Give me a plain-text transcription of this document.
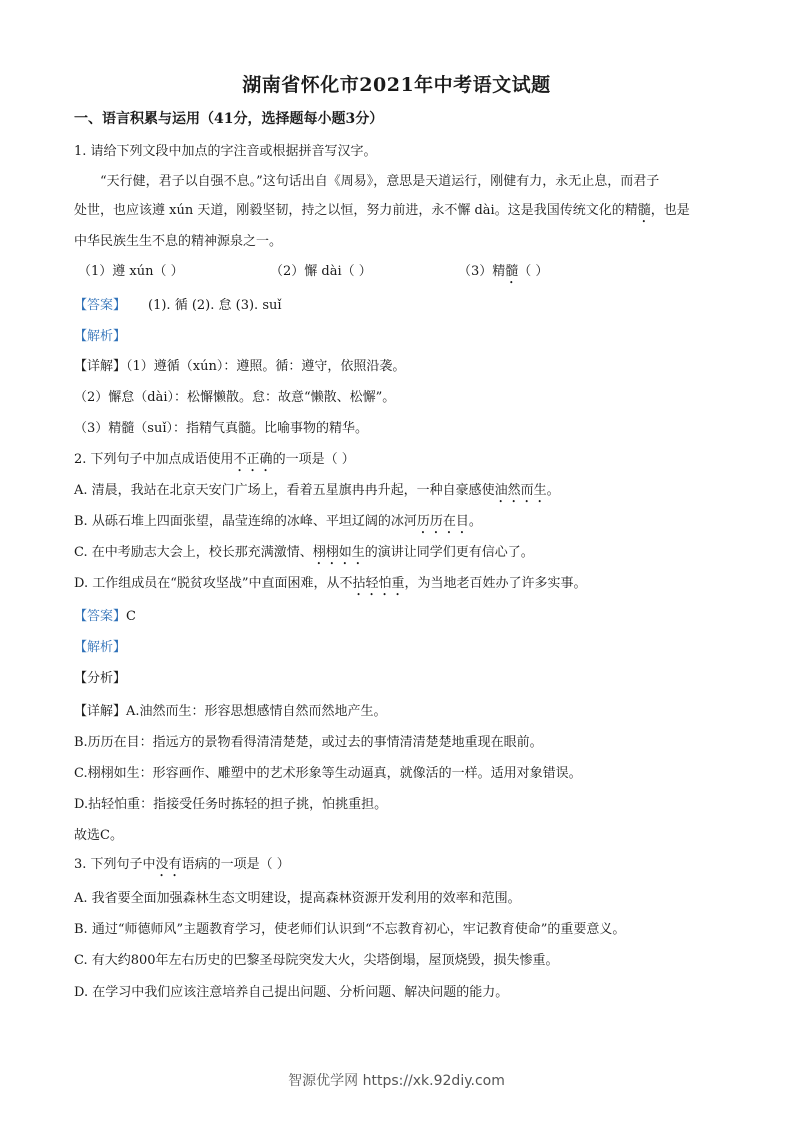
湖南省怀化市2021年中考语文试题
一、语言积累与运用（41分，选择题每小题3分）
1. 请给下列文段中加点的字注音或根据拼音写汉字。
“天行健，君子以自强不息。”这句话出自《周易》，意思是天道运行，刚健有力，永无止息，而君子
处世，也应该遵 xún 天道，刚毅坚韧，持之以恒，努力前进，永不懈 dài。这是我国传统文化的精髓，也是
中华民族生生不息的精神源泉之一。
（1）遵 xún（ ）	（2）懈 dài（ ）	（3）精髓（ ）
【答案】 (1). 循 (2). 怠 (3). suǐ
【解析】
【详解】（1）遵循（xún）：遵照。循：遵守，依照沿袭。
（2）懈怠（dài）：松懈懒散。怠：故意“懒散、松懈”。
（3）精髓（suǐ）：指精气真髓。比喻事物的精华。
2. 下列句子中加点成语使用不正确的一项是（ ）
A. 清晨，我站在北京天安门广场上，看着五星旗冉冉升起，一种自豪感使油然而生。
B. 从砾石堆上四面张望，晶莹连绵的冰峰、平坦辽阔的冰河历历在目。
C. 在中考励志大会上，校长那充满激情、栩栩如生的演讲让同学们更有信心了。
D. 工作组成员在“脱贫攻坚战”中直面困难，从不拈轻怕重，为当地老百姓办了许多实事。
【答案】C
【解析】
【分析】
【详解】A.油然而生：形容思想感情自然而然地产生。
B.历历在目：指远方的景物看得清清楚楚，或过去的事情清清楚楚地重现在眼前。
C.栩栩如生：形容画作、雕塑中的艺术形象等生动逼真，就像活的一样。适用对象错误。
D.拈轻怕重：指接受任务时拣轻的担子挑，怕挑重担。
故选C。
3. 下列句子中没有语病的一项是（ ）
A. 我省要全面加强森林生态文明建设，提高森林资源开发利用的效率和范围。
B. 通过“师德师风”主题教育学习，使老师们认识到“不忘教育初心，牢记教育使命”的重要意义。
C. 有大约800年左右历史的巴黎圣母院突发大火，尖塔倒塌，屋顶烧毁，损失惨重。
D. 在学习中我们应该注意培养自己提出问题、分析问题、解决问题的能力。
智源优学网 https://xk.92diy.com
